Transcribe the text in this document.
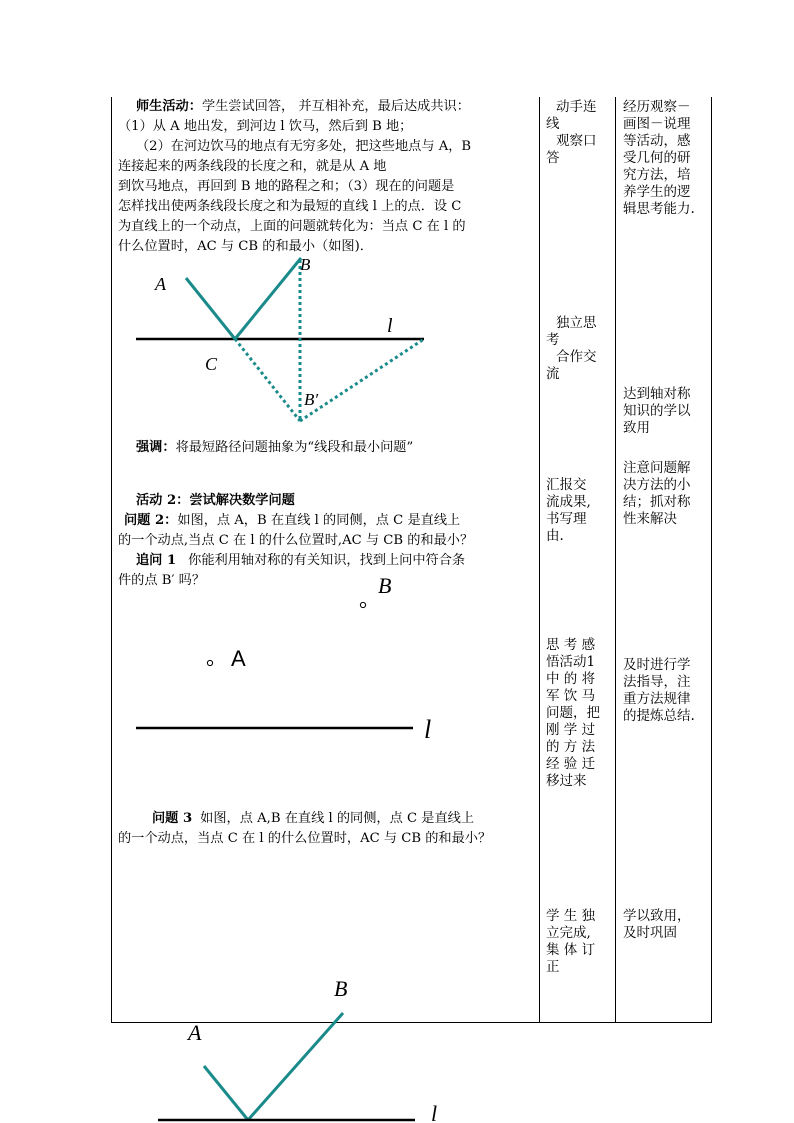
师生活动：学生尝试回答， 并互相补充，最后达成共识：
（1）从 A 地出发，到河边 l 饮马，然后到 B 地；
（2）在河边饮马的地点有无穷多处，把这些地点与 A，B
连接起来的两条线段的长度之和，就是从 A 地
到饮马地点，再回到 B 地的路程之和；（3）现在的问题是
怎样找出使两条线段长度之和为最短的直线 l 上的点．设 C
为直线上的一个动点，上面的问题就转化为：当点 C 在 l 的
什么位置时，AC 与 CB 的和最小（如图)．
A
B
l
C
B′
强调：将最短路径问题抽象为“线段和最小问题”
活动 2：尝试解决数学问题
问题 2：如图，点 A，B 在直线 l 的同侧，点 C 是直线上
的一个动点,当点 C 在 l 的什么位置时,AC 与 CB 的和最小？
追问 1 你能利用轴对称的有关知识，找到上问中符合条
件的点 B′ 吗？	B
A
l
问题 3 如图，点 A,B 在直线 l 的同侧，点 C 是直线上
的一个动点，当点 C 在 l 的什么位置时，AC 与 CB 的和最小？
B
A
l
动手连
线
观察口
答
独立思
考
合作交
流
汇报交
流成果,
书写理
由.
思 考 感
悟活动1
中 的 将
军 饮 马
问题，把
刚 学 过
的 方 法
经 验 迁
移过来
学 生 独
立完成,
集 体 订
正
经历观察－
画图－说理
等活动，感
受几何的研
究方法，培
养学生的逻
辑思考能力.
达到轴对称
知识的学以
致用
注意问题解
决方法的小
结；抓对称
性来解决
及时进行学
法指导，注
重方法规律
的提炼总结.
学以致用，
及时巩固
